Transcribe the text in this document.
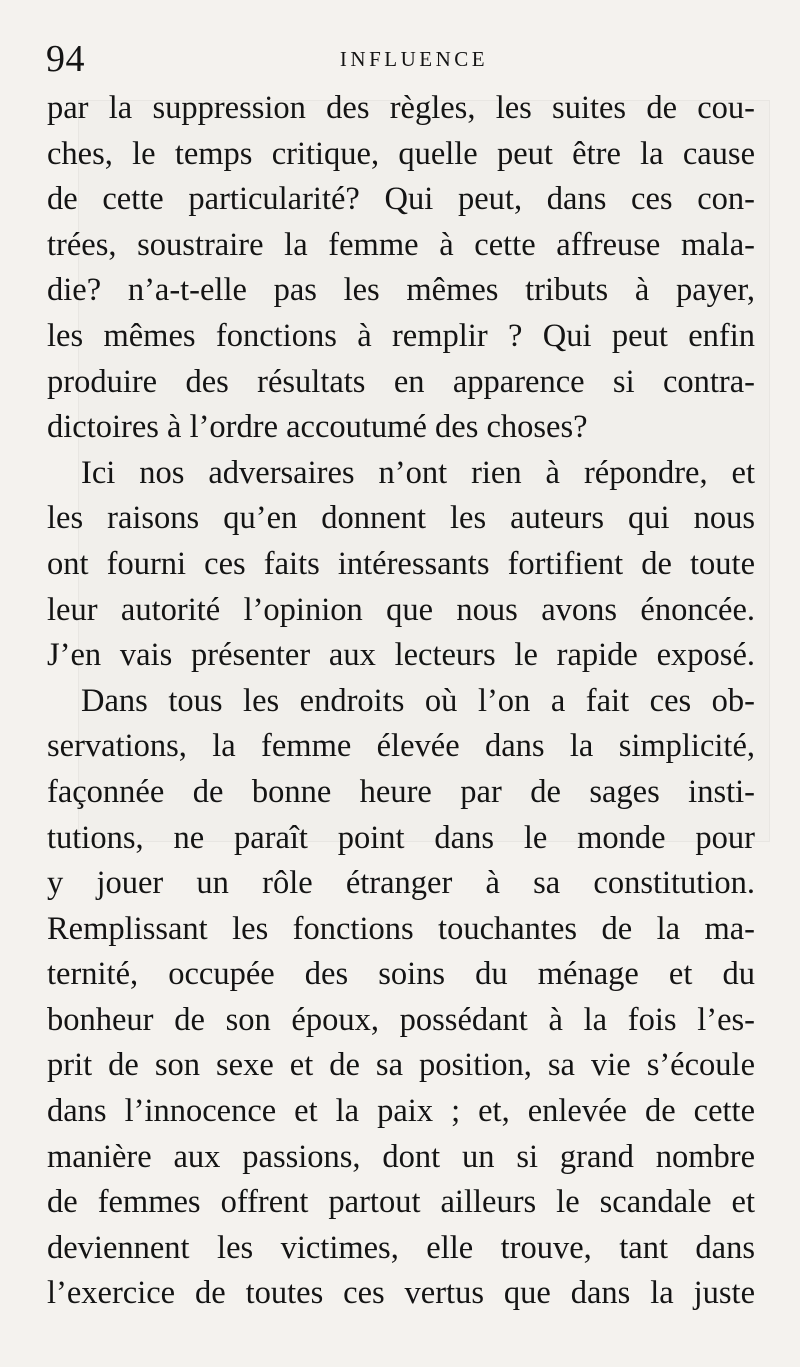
94	INFLUENCE
par la suppression des règles, les suites de cou-
ches, le temps critique, quelle peut être la cause
de cette particularité? Qui peut, dans ces con-
trées, soustraire la femme à cette affreuse mala-
die? n’a-t-elle pas les mêmes tributs à payer,
les mêmes fonctions à remplir ? Qui peut enfin
produire des résultats en apparence si contra-
dictoires à l’ordre accoutumé des choses?
Ici nos adversaires n’ont rien à répondre, et
les raisons qu’en donnent les auteurs qui nous
ont fourni ces faits intéressants fortifient de toute
leur autorité l’opinion que nous avons énoncée.
J’en vais présenter aux lecteurs le rapide exposé.
Dans tous les endroits où l’on a fait ces ob-
servations, la femme élevée dans la simplicité,
façonnée de bonne heure par de sages insti-
tutions, ne paraît point dans le monde pour
y jouer un rôle étranger à sa constitution.
Remplissant les fonctions touchantes de la ma-
ternité, occupée des soins du ménage et du
bonheur de son époux, possédant à la fois l’es-
prit de son sexe et de sa position, sa vie s’écoule
dans l’innocence et la paix ; et, enlevée de cette
manière aux passions, dont un si grand nombre
de femmes offrent partout ailleurs le scandale et
deviennent les victimes, elle trouve, tant dans
l’exercice de toutes ces vertus que dans la juste
